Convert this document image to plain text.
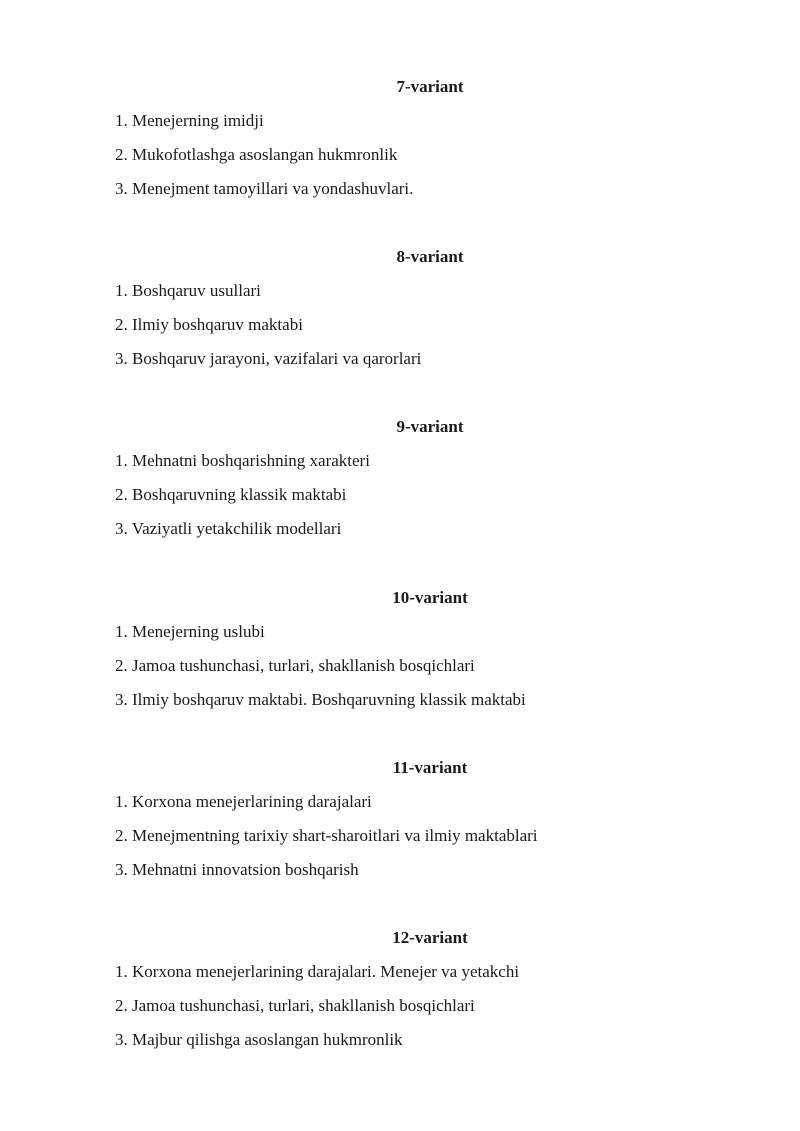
7-variant
1. Menejerning imidji
2. Mukofotlashga asoslangan hukmronlik
3. Menejment tamoyillari va yondashuvlari.
8-variant
1. Boshqaruv usullari
2. Ilmiy boshqaruv maktabi
3. Boshqaruv jarayoni, vazifalari va qarorlari
9-variant
1. Mehnatni boshqarishning xarakteri
2. Boshqaruvning klassik maktabi
3. Vaziyatli yetakchilik modellari
10-variant
1. Menejerning uslubi
2. Jamoa tushunchasi, turlari, shakllanish bosqichlari
3. Ilmiy boshqaruv maktabi. Boshqaruvning klassik maktabi
11-variant
1. Korxona menejerlarining darajalari
2. Menejmentning tarixiy shart-sharoitlari va ilmiy maktablari
3. Mehnatni innovatsion boshqarish
12-variant
1. Korxona menejerlarining darajalari. Menejer va yetakchi
2. Jamoa tushunchasi, turlari, shakllanish bosqichlari
3. Majbur qilishga asoslangan hukmronlik
